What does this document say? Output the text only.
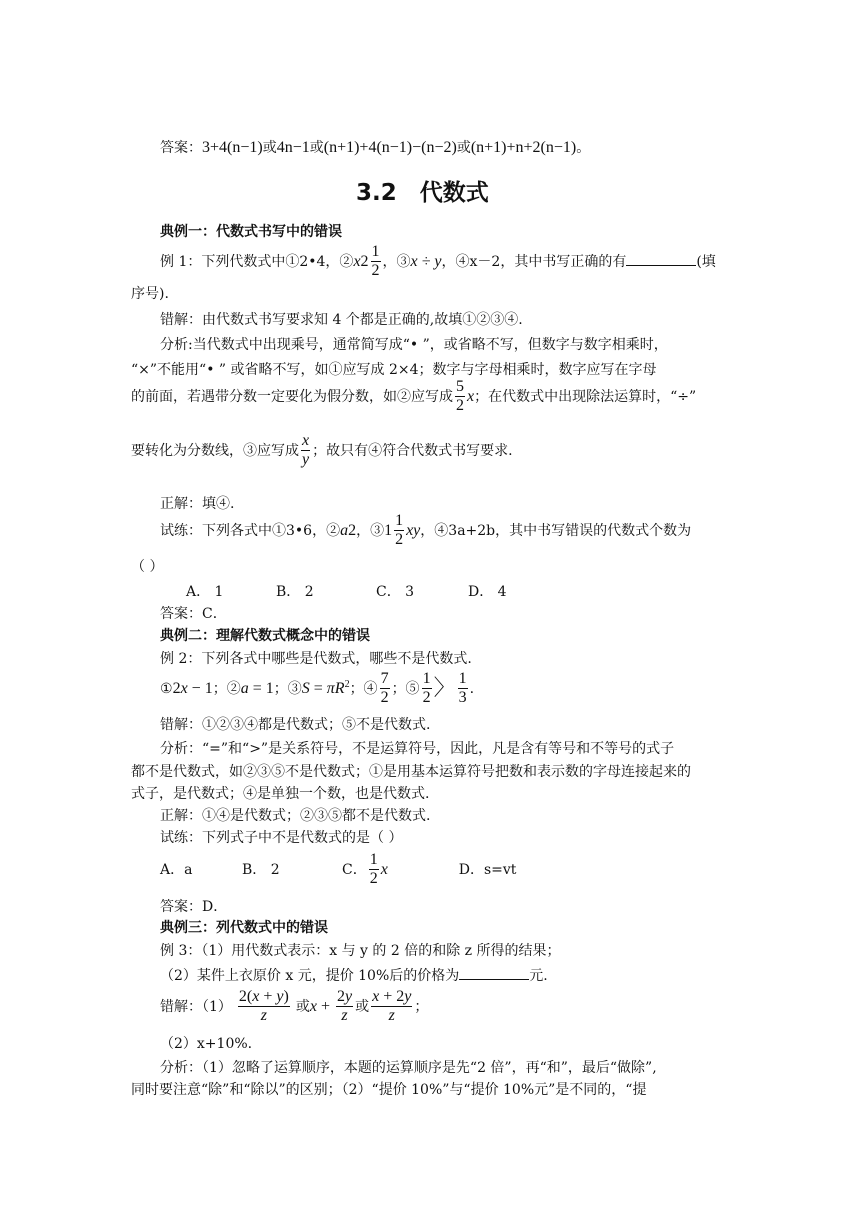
答案：3+4(n−1)或4n−1或(n+1)+4(n−1)−(n−2)或(n+1)+n+2(n−1)。
3.2　代数式
典例一：代数式书写中的错误
例 1：下列代数式中①2•4，②x2 $\frac{1}{2}$ ，③x ÷ y，④x－2，其中书写正确的有	(填
序号).
错解：由代数式书写要求知 4 个都是正确的,故填①②③④.
分析:当代数式中出现乘号，通常简写成“• ”，或省略不写，但数字与数字相乘时，
“×”不能用“• ” 或省略不写，如①应写成 2×4；数字与字母相乘时，数字应写在字母
的前面，若遇带分数一定要化为假分数，如②应写成 $\frac{5}{2}$ x；在代数式中出现除法运算时，“÷”
要转化为分数线，③应写成 $\frac{x}{y}$ ；故只有④符合代数式书写要求.
正解：填④.
试练：下列各式中①3•6，②a2，③1 $\frac{1}{2}$ xy，④3a+2b，其中书写错误的代数式个数为
（ ）
A． 1	B． 2	C． 3	D． 4
答案：C．
典例二：理解代数式概念中的错误
例 2：下列各式中哪些是代数式，哪些不是代数式.
①2x − 1；②a = 1；③S = $\pi R^2$；④ $\frac{7}{2}$ ；⑤ $\frac{1}{2}$ 〉 $\frac{1}{3}$ .
错解：①②③④都是代数式；⑤不是代数式.
分析：“=”和“>”是关系符号，不是运算符号，因此，凡是含有等号和不等号的式子
都不是代数式，如②③⑤不是代数式；①是用基本运算符号把数和表示数的字母连接起来的
式子，是代数式；④是单独一个数，也是代数式.
正解：①④是代数式；②③⑤都不是代数式.
试练：下列式子中不是代数式的是（ ）
A．a	B． 2	C． $\frac{1}{2}$ x	D．s=vt
答案：D．
典例三：列代数式中的错误
例 3：（1）用代数式表示：x 与 y 的 2 倍的和除 z 所得的结果；
（2）某件上衣原价 x 元，提价 10%后的价格为	元.
错解：$(1) \frac{2(x + y)}{z}$ 或$x + \frac{2y}{z}$ 或 $\frac{x + 2y}{z}$ ；
（2）x+10%.
分析：（1）忽略了运算顺序，本题的运算顺序是先“2 倍”，再“和”，最后“做除”,
同时要注意“除”和“除以”的区别；（2）“提价 10%”与“提价 10%元”是不同的，“提
